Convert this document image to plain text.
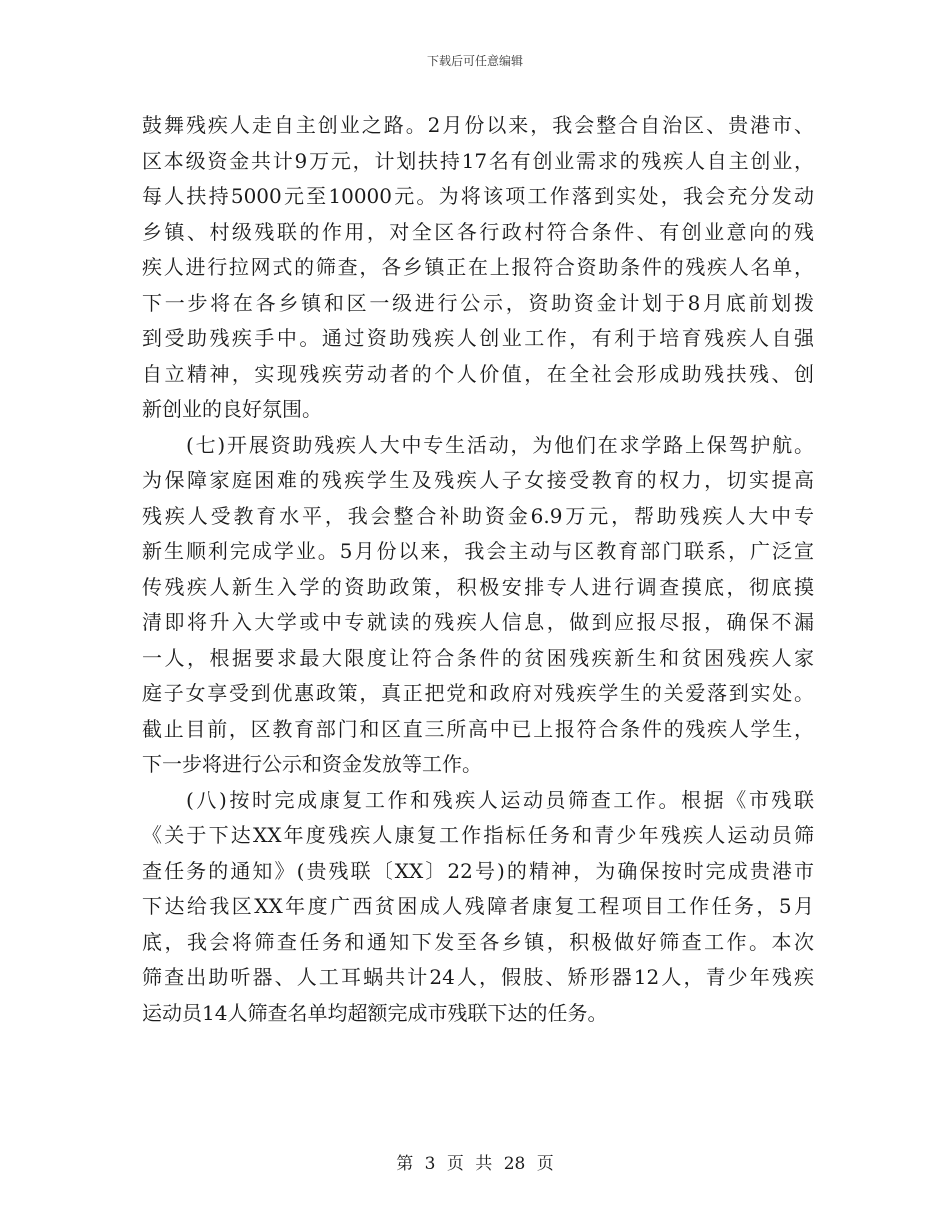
下载后可任意编辑
鼓舞残疾人走自主创业之路。2月份以来，我会整合自治区、贵港市、
区本级资金共计9万元，计划扶持17名有创业需求的残疾人自主创业，
每人扶持5000元至10000元。为将该项工作落到实处，我会充分发动
乡镇、村级残联的作用，对全区各行政村符合条件、有创业意向的残
疾人进行拉网式的筛查，各乡镇正在上报符合资助条件的残疾人名单，
下一步将在各乡镇和区一级进行公示，资助资金计划于8月底前划拨
到受助残疾手中。通过资助残疾人创业工作，有利于培育残疾人自强
自立精神，实现残疾劳动者的个人价值，在全社会形成助残扶残、创
新创业的良好氛围。
(七)开展资助残疾人大中专生活动，为他们在求学路上保驾护航。
为保障家庭困难的残疾学生及残疾人子女接受教育的权力，切实提高
残疾人受教育水平，我会整合补助资金6.9万元，帮助残疾人大中专
新生顺利完成学业。5月份以来，我会主动与区教育部门联系，广泛宣
传残疾人新生入学的资助政策，积极安排专人进行调查摸底，彻底摸
清即将升入大学或中专就读的残疾人信息，做到应报尽报，确保不漏
一人，根据要求最大限度让符合条件的贫困残疾新生和贫困残疾人家
庭子女享受到优惠政策，真正把党和政府对残疾学生的关爱落到实处。
截止目前，区教育部门和区直三所高中已上报符合条件的残疾人学生，
下一步将进行公示和资金发放等工作。
(八)按时完成康复工作和残疾人运动员筛查工作。根据《市残联
《关于下达XX年度残疾人康复工作指标任务和青少年残疾人运动员筛
查任务的通知》(贵残联〔XX〕22号)的精神，为确保按时完成贵港市
下达给我区XX年度广西贫困成人残障者康复工程项目工作任务，5月
底，我会将筛查任务和通知下发至各乡镇，积极做好筛查工作。本次
筛查出助听器、人工耳蜗共计24人，假肢、矫形器12人，青少年残疾
运动员14人筛查名单均超额完成市残联下达的任务。
第 3 页 共 28 页
